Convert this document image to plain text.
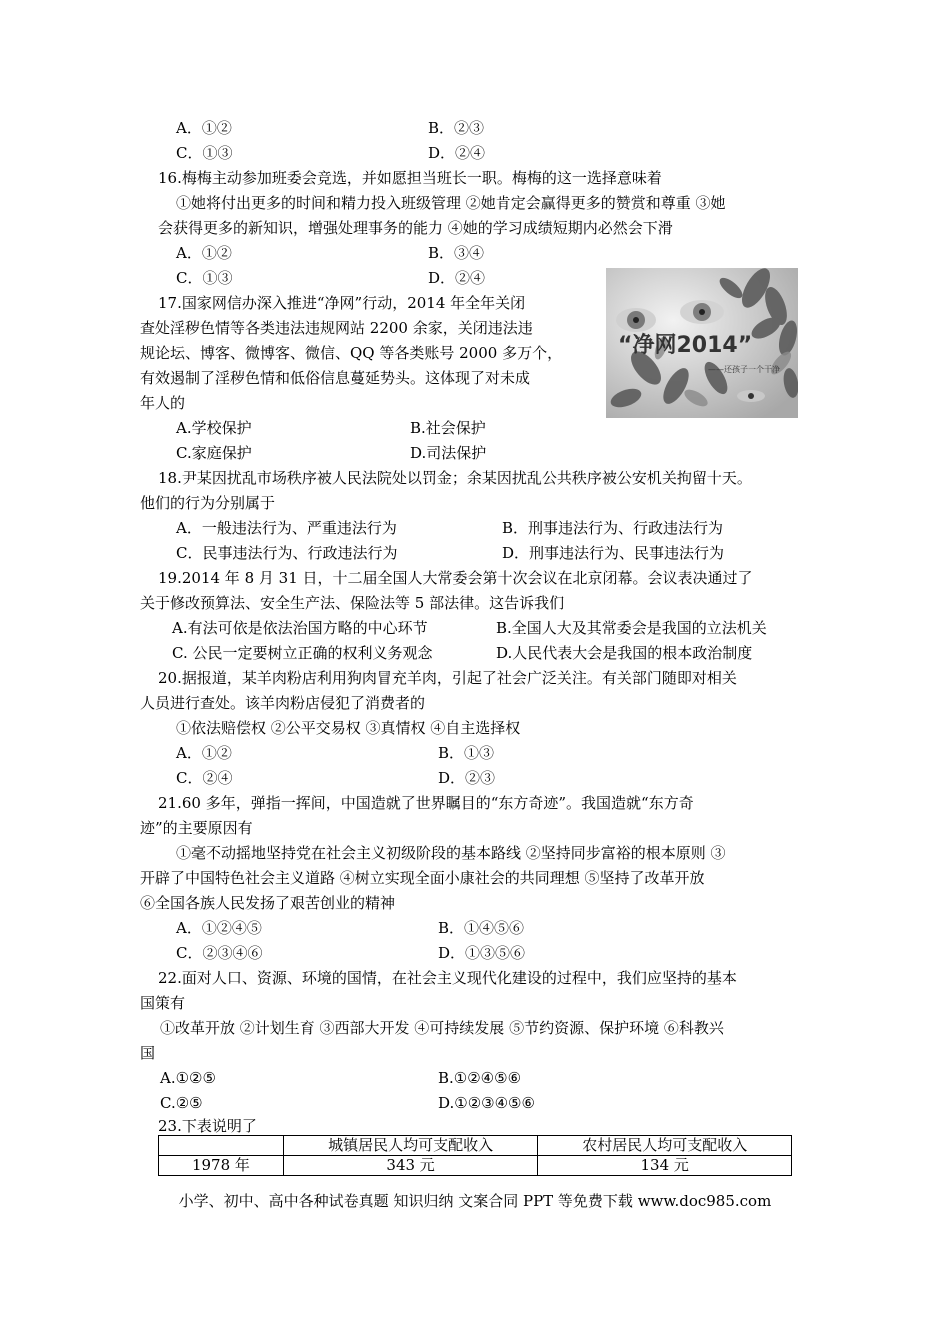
A．①②	B．②③
C．①③	D．②④
16.梅梅主动参加班委会竞选，并如愿担当班长一职。梅梅的这一选择意味着
①她将付出更多的时间和精力投入班级管理 ②她肯定会赢得更多的赞赏和尊重 ③她
会获得更多的新知识，增强处理事务的能力 ④她的学习成绩短期内必然会下滑
A．①②	B．③④
C．①③	D．②④
17.国家网信办深入推进“净网”行动，2014 年全年关闭
查处淫秽色情等各类违法违规网站 2200 余家，关闭违法违
规论坛、博客、微博客、微信、QQ 等各类账号 2000 多万个，
有效遏制了淫秽色情和低俗信息蔓延势头。这体现了对未成
年人的
A.学校保护	B.社会保护
C.家庭保护	D.司法保护
18.尹某因扰乱市场秩序被人民法院处以罚金；余某因扰乱公共秩序被公安机关拘留十天。
他们的行为分别属于
A．一般违法行为、严重违法行为	B．刑事违法行为、行政违法行为
C．民事违法行为、行政违法行为	D．刑事违法行为、民事违法行为
19.2014 年 8 月 31 日，十二届全国人大常委会第十次会议在北京闭幕。会议表决通过了
关于修改预算法、安全生产法、保险法等 5 部法律。这告诉我们
A.有法可依是依法治国方略的中心环节	B.全国人大及其常委会是我国的立法机关
C. 公民一定要树立正确的权利义务观念	D.人民代表大会是我国的根本政治制度
20.据报道，某羊肉粉店利用狗肉冒充羊肉，引起了社会广泛关注。有关部门随即对相关
人员进行查处。该羊肉粉店侵犯了消费者的
①依法赔偿权 ②公平交易权 ③真情权 ④自主选择权
A．①②	B．①③
C．②④	D．②③
21.60 多年，弹指一挥间，中国造就了世界瞩目的“东方奇迹”。我国造就“东方奇
迹”的主要原因有
①毫不动摇地坚持党在社会主义初级阶段的基本路线 ②坚持同步富裕的根本原则 ③
开辟了中国特色社会主义道路 ④树立实现全面小康社会的共同理想 ⑤坚持了改革开放
⑥全国各族人民发扬了艰苦创业的精神
A．①②④⑤	B．①④⑤⑥
C．②③④⑥	D．①③⑤⑥
22.面对人口、资源、环境的国情，在社会主义现代化建设的过程中，我们应坚持的基本
国策有
①改革开放 ②计划生育 ③西部大开发 ④可持续发展 ⑤节约资源、保护环境 ⑥科教兴
国
A.①②⑤	B.①②④⑤⑥
C.②⑤	D.①②③④⑤⑥
23.下表说明了
“净网2014”
——还孩子一个干净
	城镇居民人均可支配收入	农村居民人均可支配收入
1978 年	343 元	134 元
小学、初中、高中各种试卷真题 知识归纳 文案合同 PPT 等免费下载 www.doc985.com
